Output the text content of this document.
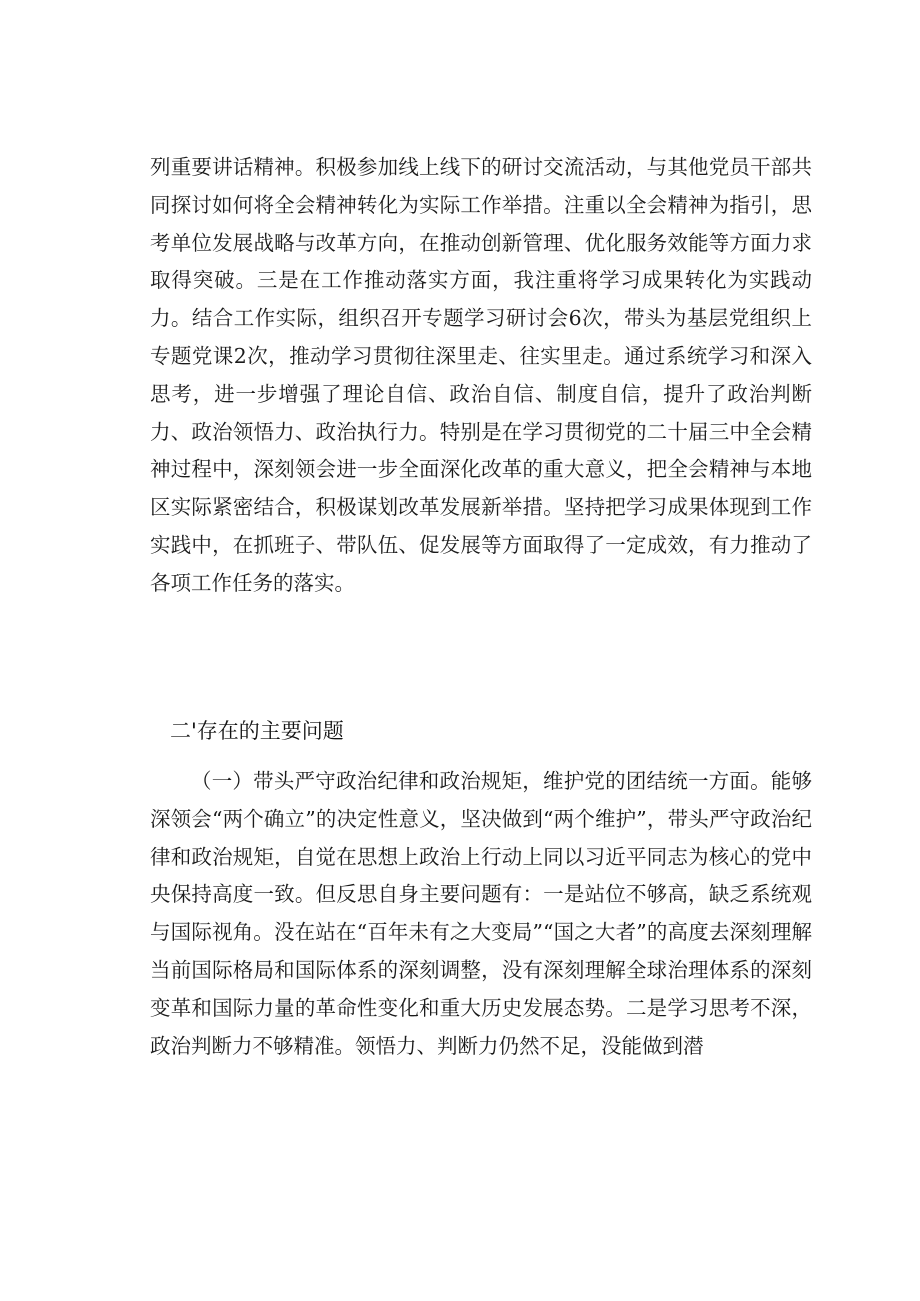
列重要讲话精神。积极参加线上线下的研讨交流活动，与其他党员干部共同探讨如何将全会精神转化为实际工作举措。注重以全会精神为指引，思考单位发展战略与改革方向，在推动创新管理、优化服务效能等方面力求取得突破。三是在工作推动落实方面，我注重将学习成果转化为实践动力。结合工作实际，组织召开专题学习研讨会6次，带头为基层党组织上专题党课2次，推动学习贯彻往深里走、往实里走。通过系统学习和深入思考，进一步增强了理论自信、政治自信、制度自信，提升了政治判断力、政治领悟力、政治执行力。特别是在学习贯彻党的二十届三中全会精神过程中，深刻领会进一步全面深化改革的重大意义，把全会精神与本地区实际紧密结合，积极谋划改革发展新举措。坚持把学习成果体现到工作实践中，在抓班子、带队伍、促发展等方面取得了一定成效，有力推动了各项工作任务的落实。

二'存在的主要问题

（一）带头严守政治纪律和政治规矩，维护党的团结统一方面。能够深领会“两个确立”的决定性意义，坚决做到“两个维护”，带头严守政治纪律和政治规矩，自觉在思想上政治上行动上同以习近平同志为核心的党中央保持高度一致。但反思自身主要问题有：一是站位不够高，缺乏系统观与国际视角。没在站在“百年未有之大变局”“国之大者”的高度去深刻理解当前国际格局和国际体系的深刻调整，没有深刻理解全球治理体系的深刻变革和国际力量的革命性变化和重大历史发展态势。二是学习思考不深，政治判断力不够精准。领悟力、判断力仍然不足，没能做到潜
